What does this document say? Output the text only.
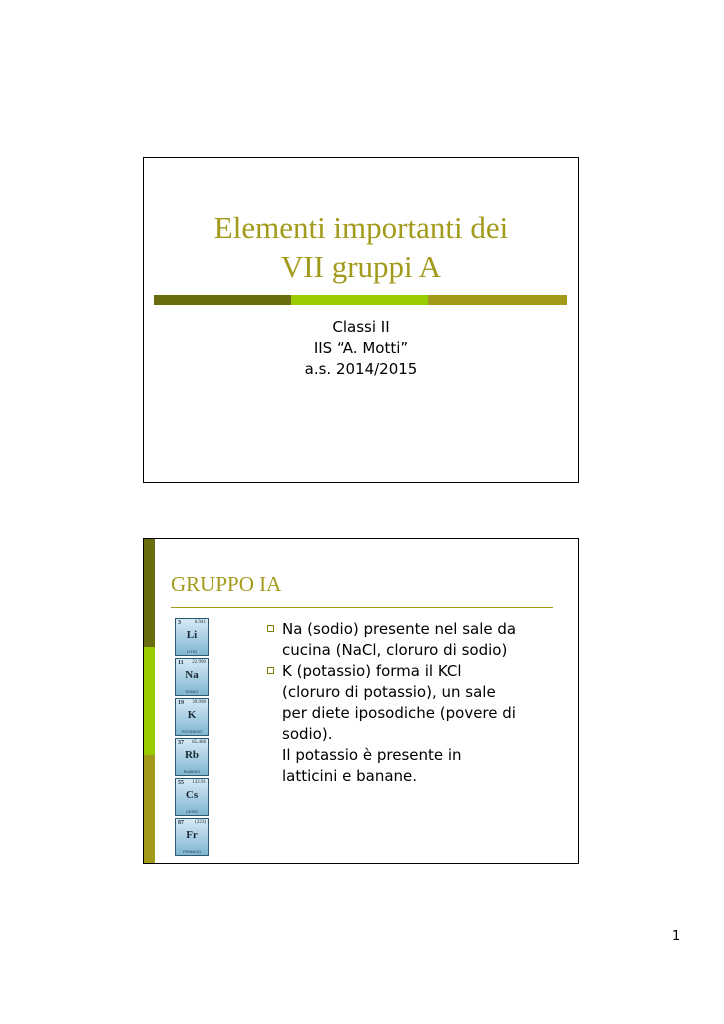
Elementi importanti dei
VII gruppi A
Classi II
IIS “A. Motti”
a.s. 2014/2015
GRUPPO IA
3	6.941
Li
LITIO
11 22.990
Na
SODIO
19 39.098
K
POTASSIO
37 85.468
Rb
RUBIDIO
55 132.91
Cs
CESIO
87 (223)
Fr
FRANCIO
Na (sodio) presente nel sale da
cucina (NaCl, cloruro di sodio)
K (potassio) forma il KCl
(cloruro di potassio), un sale
per diete iposodiche (povere di
sodio).
Il potassio è presente in
latticini e banane.
1
